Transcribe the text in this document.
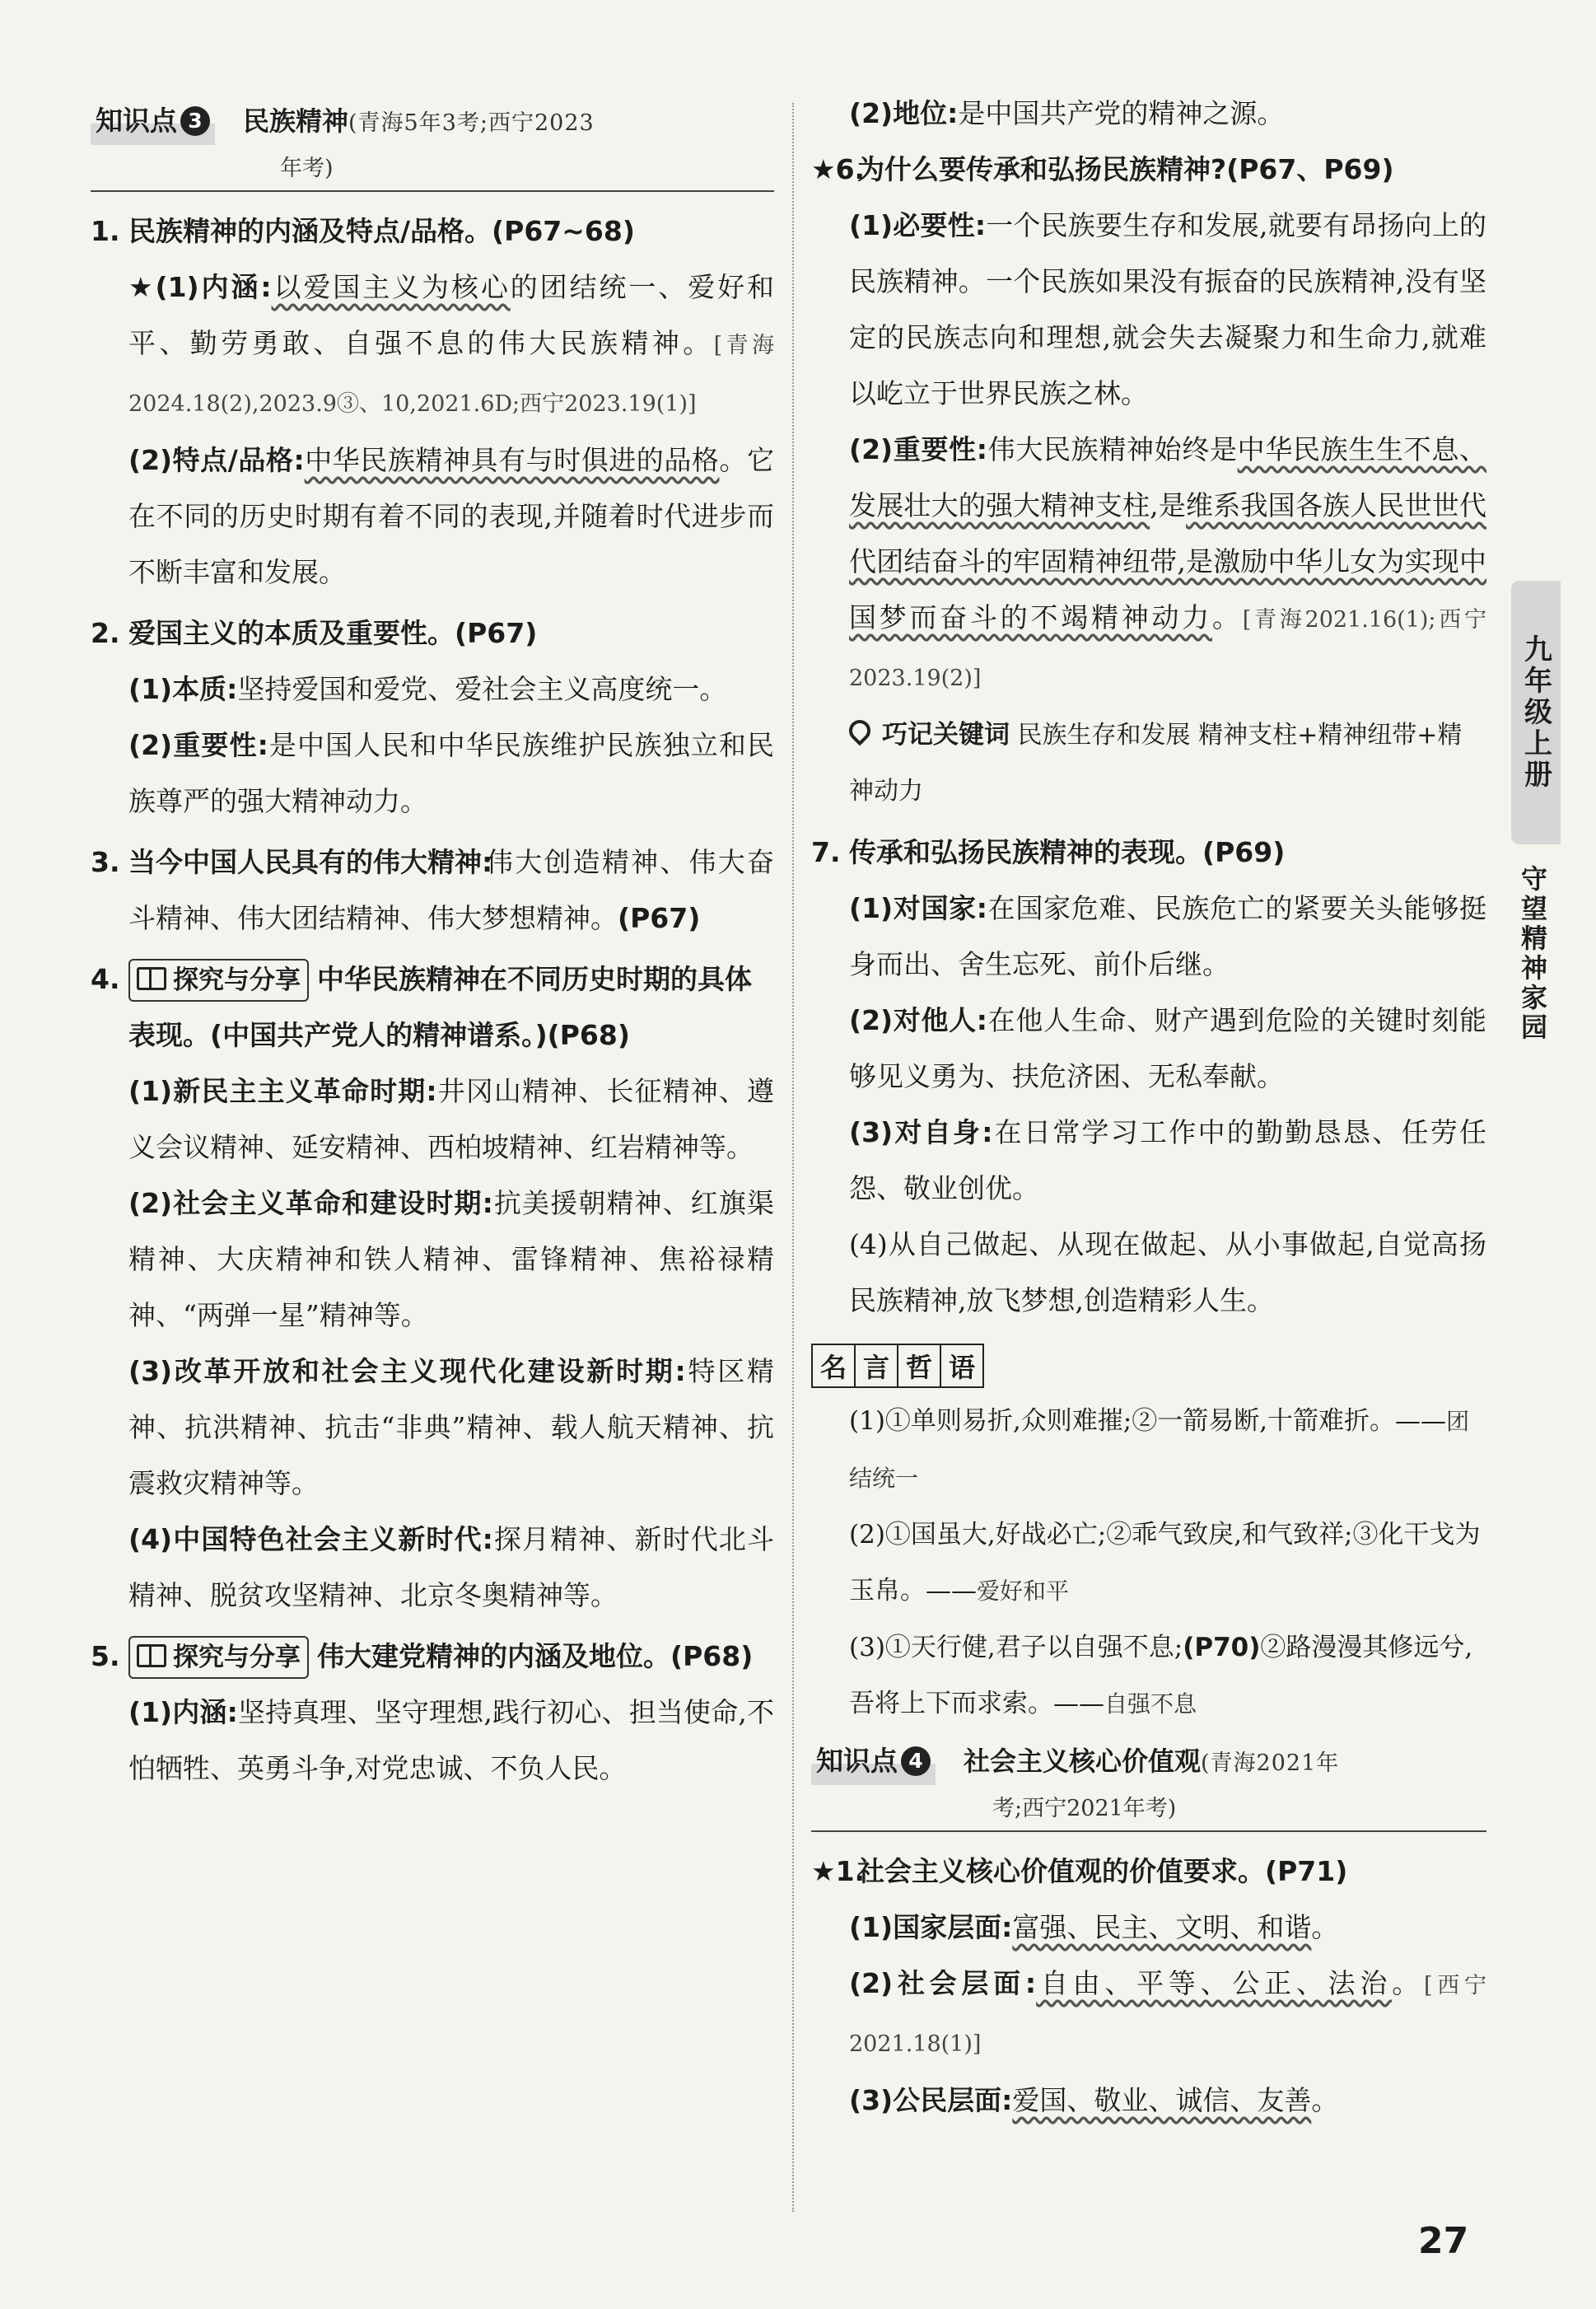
知识点 3 民族精神 (青海5年3考;西宁2023
年考)
1. 民族精神的内涵及特点/品格。(P67~68)
★(1)内涵:以爱国主义为核心的团结统一、爱好和平、勤劳勇敢、自强不息的伟大民族精神。[青海2024.18(2),2023.9③、10,2021.6D;西宁2023.19(1)]
(2)特点/品格:中华民族精神具有与时俱进的品格。它在不同的历史时期有着不同的表现,并随着时代进步而不断丰富和发展。
2. 爱国主义的本质及重要性。(P67)
(1)本质:坚持爱国和爱党、爱社会主义高度统一。
(2)重要性:是中国人民和中华民族维护民族独立和民族尊严的强大精神动力。
3. 当今中国人民具有的伟大精神:
伟大创造精神、伟大奋斗精神、伟大团结精神、伟大梦想精神。(P67)
4.	探究与分享 中华民族精神在不同历史时期的具体表现。(中国共产党人的精神谱系。)(P68)
(1)新民主主义革命时期:井冈山精神、长征精神、遵义会议精神、延安精神、西柏坡精神、红岩精神等。
(2)社会主义革命和建设时期:抗美援朝精神、红旗渠精神、大庆精神和铁人精神、雷锋精神、焦裕禄精神、“两弹一星”精神等。
(3)改革开放和社会主义现代化建设新时期:特区精神、抗洪精神、抗击“非典”精神、载人航天精神、抗震救灾精神等。
(4)中国特色社会主义新时代:探月精神、新时代北斗精神、脱贫攻坚精神、北京冬奥精神等。
5.	探究与分享 伟大建党精神的内涵及地位。(P68)
(1)内涵:坚持真理、坚守理想,践行初心、担当使命,不怕牺牲、英勇斗争,对党忠诚、不负人民。
(2)地位:是中国共产党的精神之源。
★6.
为什么要传承和弘扬民族精神?(P67、P69)
(1)必要性:一个民族要生存和发展,就要有昂扬向上的民族精神。一个民族如果没有振奋的民族精神,没有坚定的民族志向和理想,就会失去凝聚力和生命力,就难以屹立于世界民族之林。
(2)重要性:伟大民族精神始终是中华民族生生不息、发展壮大的强大精神支柱,是维系我国各族人民世世代代团结奋斗的牢固精神纽带,是激励中华儿女为实现中国梦而奋斗的不竭精神动力。[青海2021.16(1);西宁2023.19(2)]
巧记关键词 民族生存和发展 精神支柱+精神纽带+精神动力
7. 传承和弘扬民族精神的表现。(P69)
(1)对国家:在国家危难、民族危亡的紧要关头能够挺身而出、舍生忘死、前仆后继。
(2)对他人:在他人生命、财产遇到危险的关键时刻能够见义勇为、扶危济困、无私奉献。
(3)对自身:在日常学习工作中的勤勤恳恳、任劳任怨、敬业创优。
(4)从自己做起、从现在做起、从小事做起,自觉高扬民族精神,放飞梦想,创造精彩人生。
名 言 哲 语
(1)①单则易折,众则难摧;②一箭易断,十箭难折。——团结统一
(2)①国虽大,好战必亡;②乖气致戾,和气致祥;③化干戈为玉帛。——爱好和平
(3)①天行健,君子以自强不息;(P70)②路漫漫其修远兮,吾将上下而求索。——自强不息
知识点 4 社会主义核心价值观 (青海2021年
考;西宁2021年考)
★1.
社会主义核心价值观的价值要求。(P71)
(1)国家层面:富强、民主、文明、和谐。
(2)社会层面:自由、平等、公正、法治。[西宁2021.18(1)]
(3)公民层面:爱国、敬业、诚信、友善。
九年级上册
守望精神家园
27
